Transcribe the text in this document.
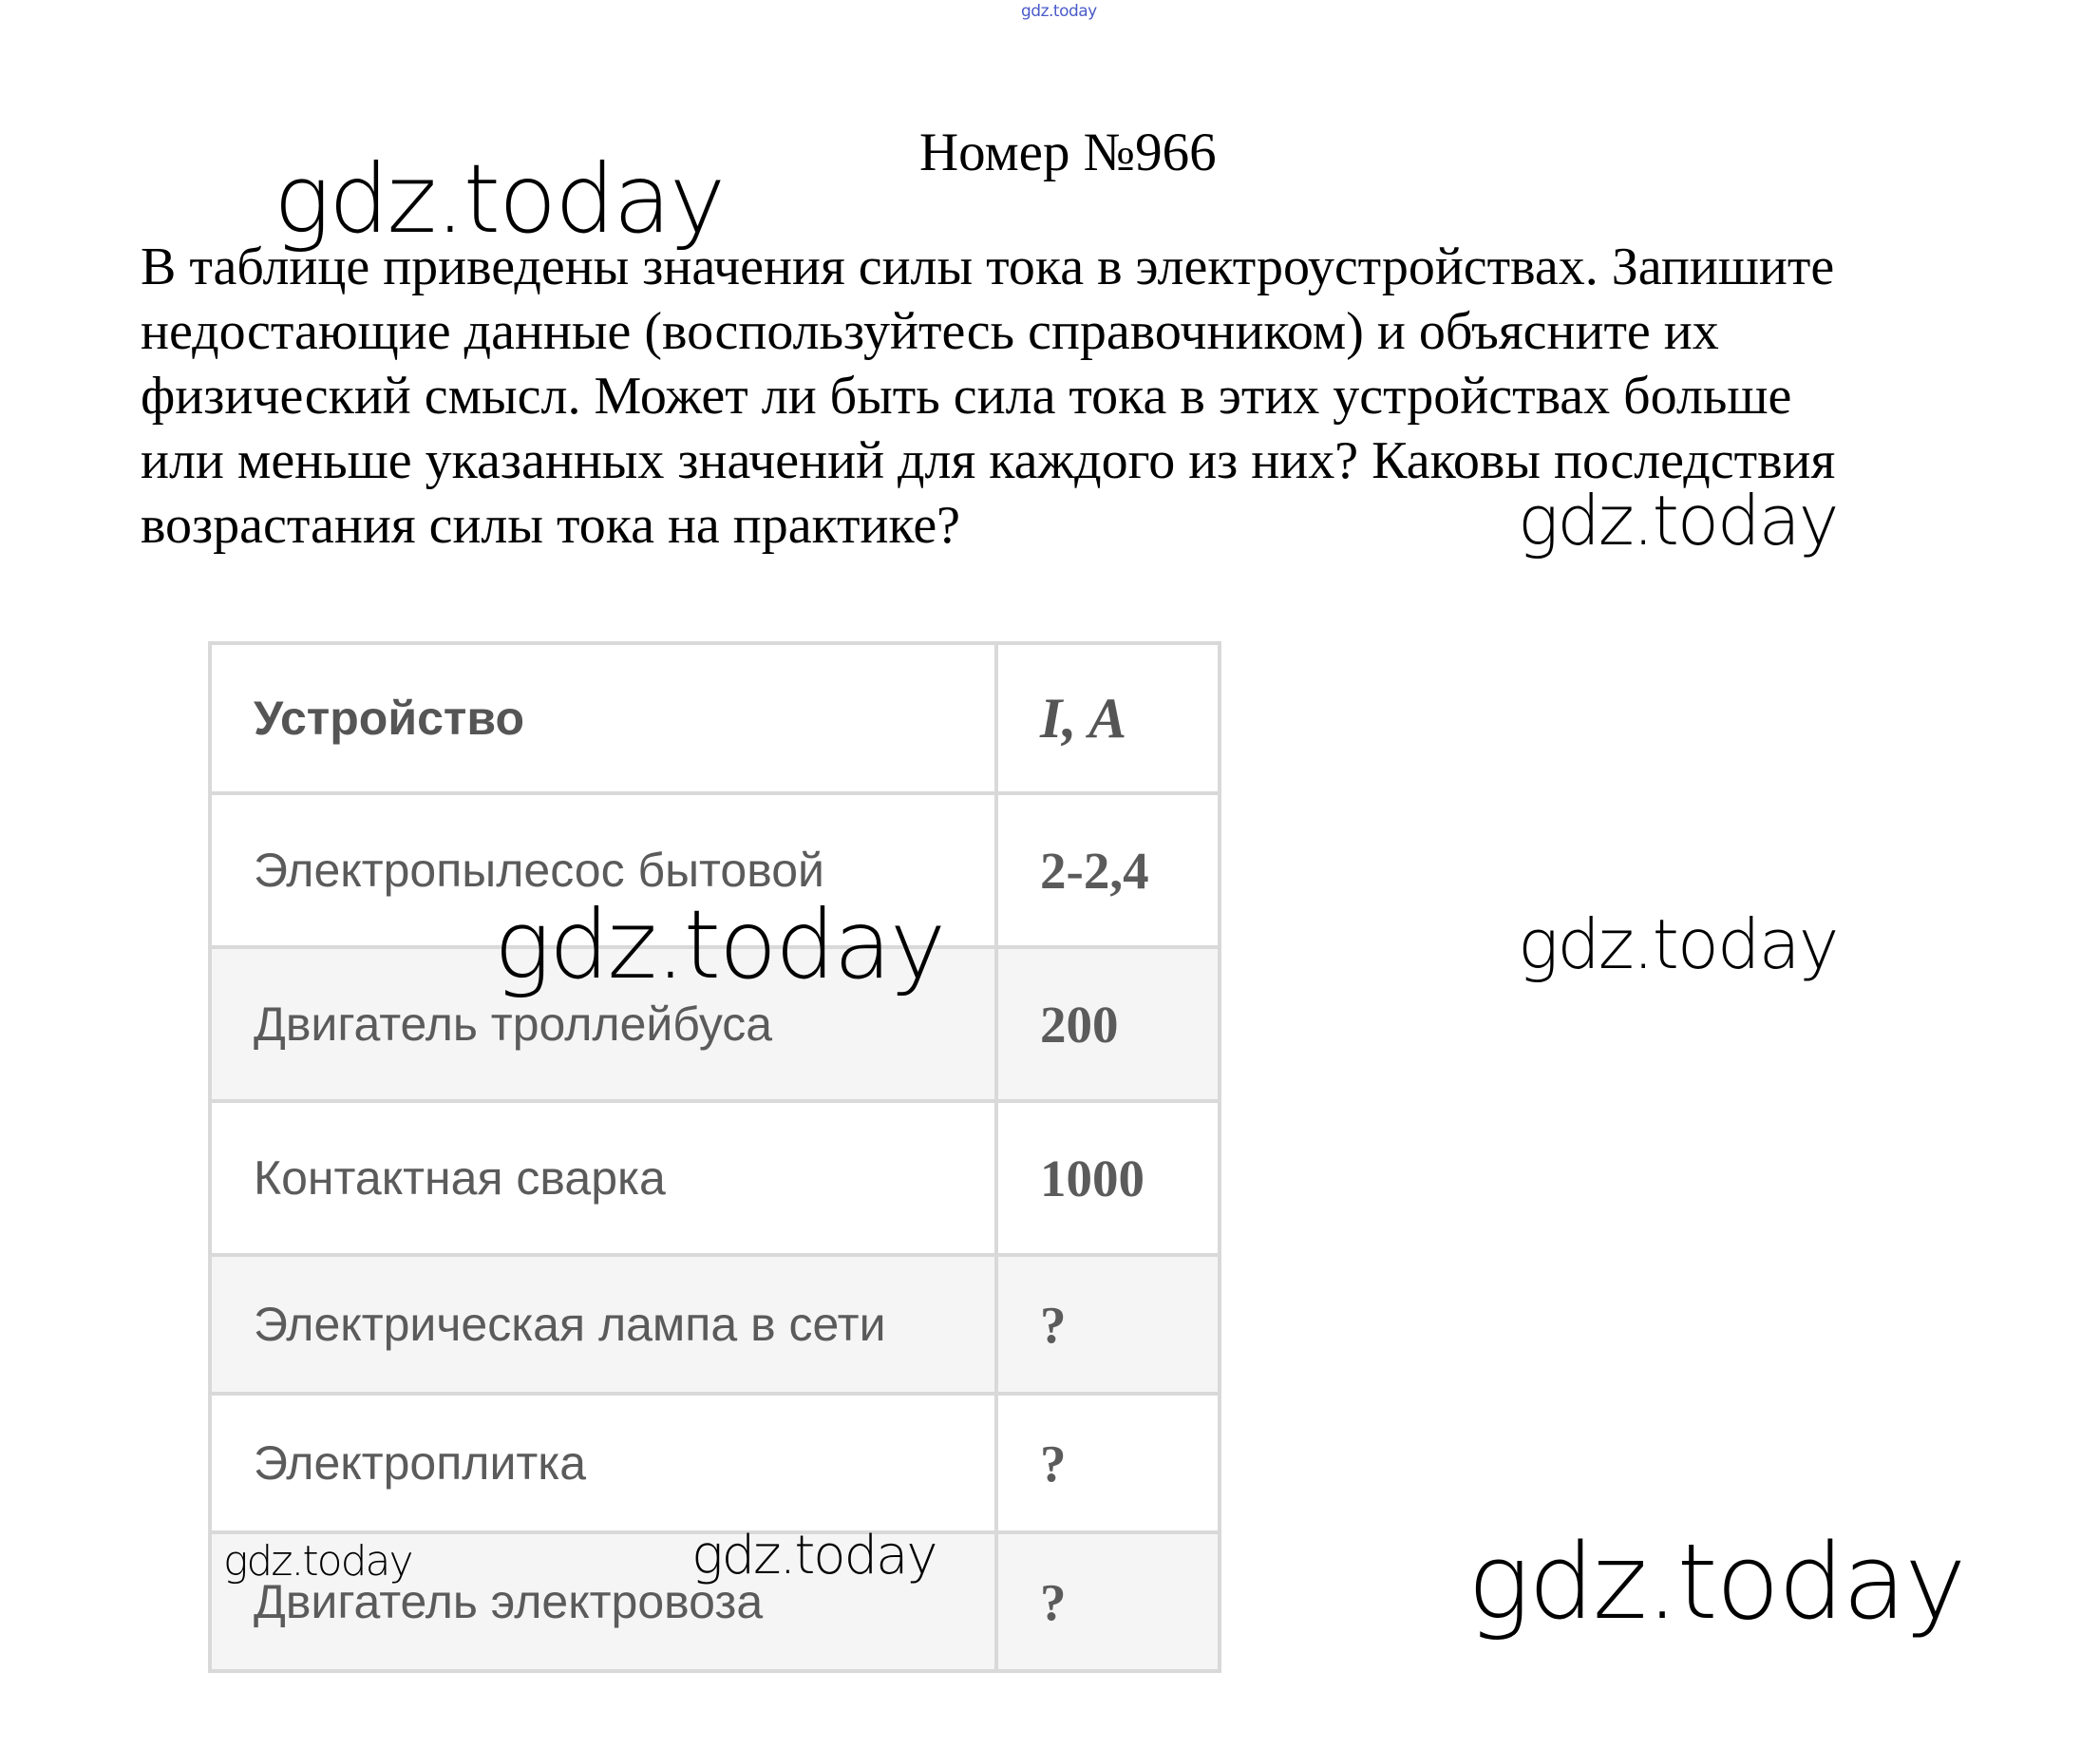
gdz.today
Номер №966

В таблице приведены значения силы тока в электроустройствах. Запишите
недостающие данные (воспользуйтесь справочником) и объясните их
физический смысл. Может ли быть сила тока в этих устройствах больше
или меньше указанных значений для каждого из них? Каковы последствия
возрастания силы тока на практике?

Устройство	I, A
Электропылесос бытовой	2-2,4
Двигатель троллейбуса	200
Контактная сварка	1000
Электрическая лампа в сети	?
Электроплитка	?
Двигатель электровоза	?
gdz.today
gdz.today
gdz.today	gdz.today
gdz.today	gdz.today	gdz.today
